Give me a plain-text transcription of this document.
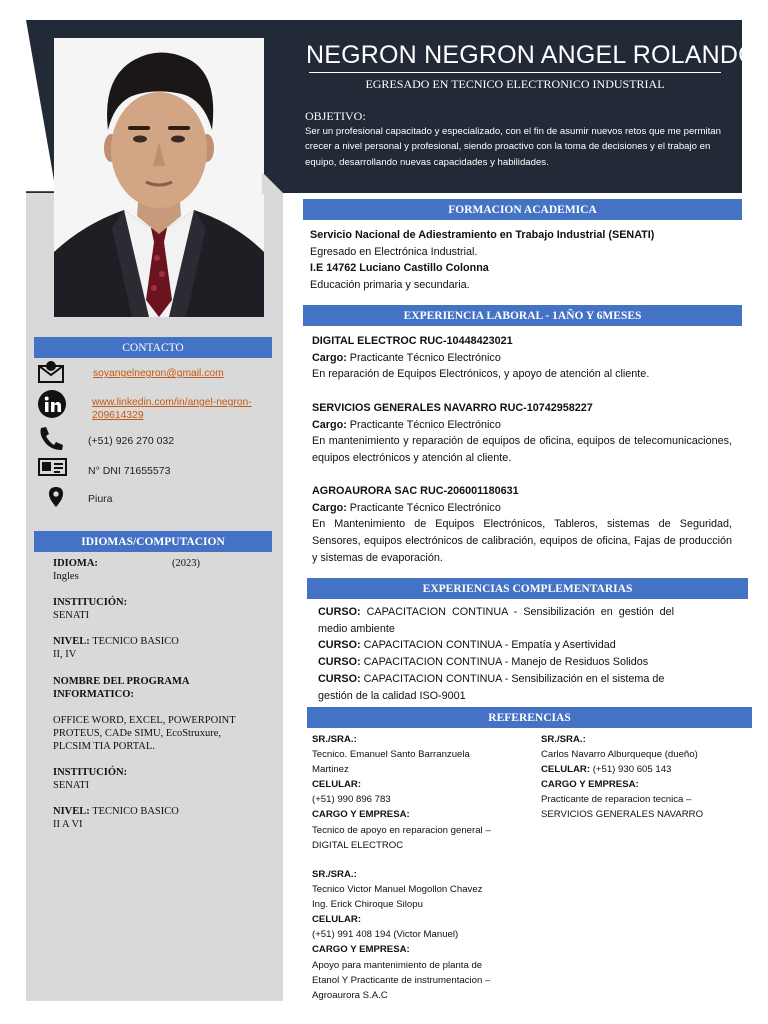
NEGRON NEGRON ANGEL ROLANDO
EGRESADO EN TECNICO ELECTRONICO INDUSTRIAL
OBJETIVO:
Ser un profesional capacitado y especializado, con el fin de asumir nuevos retos que me permitan crecer a nivel personal y profesional, siendo proactivo con la toma de decisiones y el trabajo en equipo, desarrollando nuevas capacidades y habilidades.
CONTACTO
soyangelnegron@gmail.com
www.linkedin.com/in/angel-negron-
209614329
(+51) 926 270 032
N° DNI 71655573
Piura
IDIOMAS/COMPUTACION
IDIOMA:	(2023)
Ingles
INSTITUCIÓN:
SENATI
NIVEL: TECNICO BASICO
II, IV
NOMBRE DEL PROGRAMA
INFORMATICO:
OFFICE WORD, EXCEL, POWERPOINT
PROTEUS, CADe SIMU, EcoStruxure,
PLCSIM TIA PORTAL.
INSTITUCIÓN:
SENATI
NIVEL: TECNICO BASICO
II A VI
FORMACION ACADEMICA
Servicio Nacional de Adiestramiento en Trabajo Industrial (SENATI)
Egresado en Electrónica Industrial.
I.E 14762 Luciano Castillo Colonna
Educación primaria y secundaria.
EXPERIENCIA LABORAL - 1AÑO Y 6MESES
DIGITAL ELECTROC RUC-10448423021
Cargo: Practicante Técnico Electrónico
En reparación de Equipos Electrónicos, y apoyo de atención al cliente.
SERVICIOS GENERALES NAVARRO RUC-10742958227
Cargo: Practicante Técnico Electrónico
En mantenimiento y reparación de equipos de oficina, equipos de telecomunicaciones, equipos electrónicos y atención al cliente.
AGROAURORA SAC RUC-206001180631
Cargo: Practicante Técnico Electrónico
En Mantenimiento de Equipos Electrónicos, Tableros, sistemas de Seguridad, Sensores, equipos electrónicos de calibración, equipos de oficina, Fajas de producción y sistemas de evaporación.
EXPERIENCIAS COMPLEMENTARIAS
CURSO: CAPACITACION CONTINUA - Sensibilización en gestión del medio ambiente
CURSO: CAPACITACION CONTINUA - Empatía y Asertividad
CURSO: CAPACITACION CONTINUA - Manejo de Residuos Solidos
CURSO: CAPACITACION CONTINUA - Sensibilización en el sistema de gestión de la calidad ISO-9001
REFERENCIAS
SR./SRA.:
Tecnico. Emanuel Santo Barranzuela Martinez
CELULAR:
(+51) 990 896 783
CARGO Y EMPRESA:
Tecnico de apoyo en reparacion general – DIGITAL ELECTROC
SR./SRA.:
Carlos Navarro Alburqueque (dueño)
CELULAR: (+51) 930 605 143
CARGO Y EMPRESA:
Practicante de reparacion tecnica – SERVICIOS GENERALES NAVARRO
SR./SRA.:
Tecnico Victor Manuel Mogollon Chavez
Ing. Erick Chiroque Silopu
CELULAR:
(+51) 991 408 194 (Victor Manuel)
CARGO Y EMPRESA:
Apoyo para mantenimiento de planta de Etanol Y Practicante de instrumentacion – Agroaurora S.A.C
